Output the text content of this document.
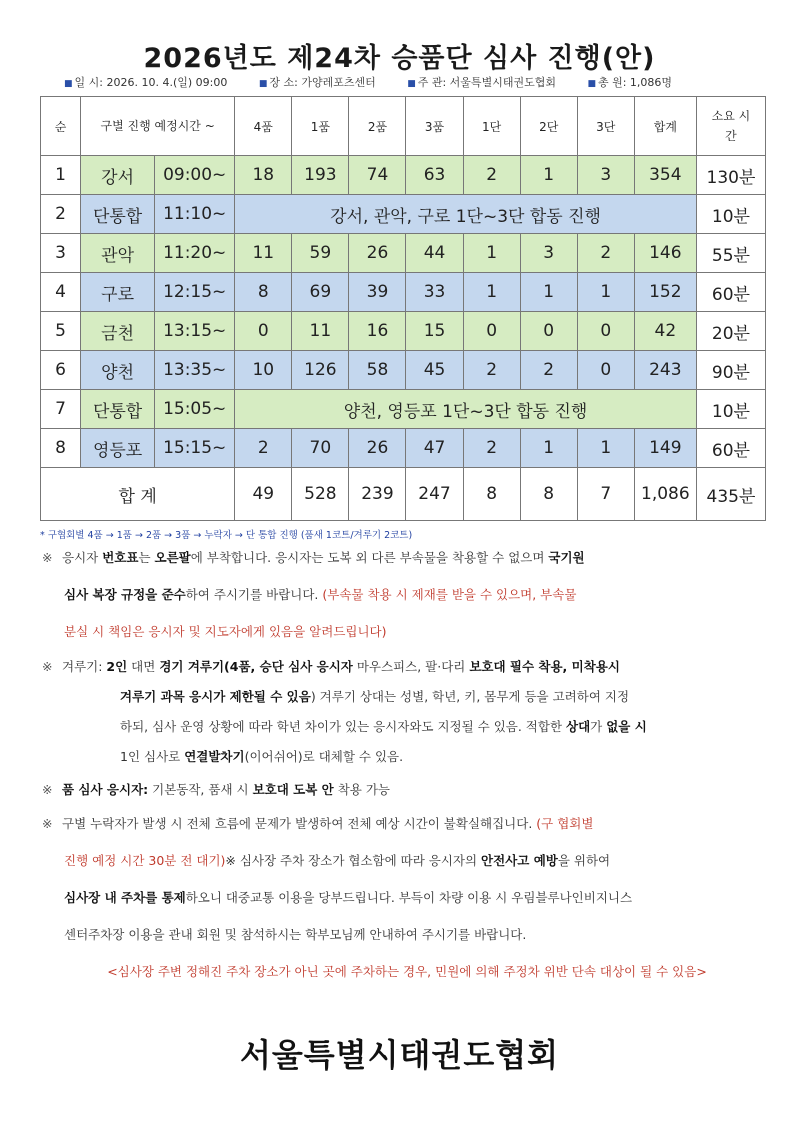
2026년도 제24차 승품단 심사 진행(안)
■ 일 시: 2026. 10. 4.(일) 09:00	■ 장 소: 가양레포츠센터	■ 주 관: 서울특별시태권도협회	■ 총 원: 1,086명
순	구별 진행 예정시간 ~		4품	1품	2품	3품	1단	2단	3단	합계	소요 시간
1	강서	09:00~	18	193	74	63	2	1	3	354	130분
2	단통합	11:10~	강서, 관악, 구로 1단~3단 합동 진행								10분
3	관악	11:20~	11	59	26	44	1	3	2	146	55분
4	구로	12:15~	8	69	39	33	1	1	1	152	60분
5	금천	13:15~	0	11	16	15	0	0	0	42	20분
6	양천	13:35~	10	126	58	45	2	2	0	243	90분
7	단통합	15:05~	양천, 영등포 1단~3단 합동 진행								10분
8	영등포	15:15~	2	70	26	47	2	1	1	149	60분
합 계			49	528	239	247	8	8	7	1,086	435분
* 구협회별 4품 → 1품 → 2품 → 3품 → 누락자 → 단 통합 진행 (품새 1코트/겨루기 2코트)
※ 응시자 번호표는 오른팔에 부착합니다. 응시자는 도복 외 다른 부속물을 착용할 수 없으며 국기원
심사 복장 규정을 준수하여 주시기를 바랍니다. (부속물 착용 시 제재를 받을 수 있으며, 부속물
분실 시 책임은 응시자 및 지도자에게 있음을 알려드립니다)
※ 겨루기: 2인 대면 경기 겨루기(4품, 승단 심사 응시자 마우스피스, 팔·다리 보호대 필수 착용, 미착용시
겨루기 과목 응시가 제한될 수 있음) 겨루기 상대는 성별, 학년, 키, 몸무게 등을 고려하여 지정
하되, 심사 운영 상황에 따라 학년 차이가 있는 응시자와도 지정될 수 있음. 적합한 상대가 없을 시
1인 심사로 연결발차기(이어쉬어)로 대체할 수 있음.
※ 품 심사 응시자: 기본동작, 품새 시 보호대 도복 안 착용 가능
※ 구별 누락자가 발생 시 전체 흐름에 문제가 발생하여 전체 예상 시간이 불확실해집니다. (구 협회별
진행 예정 시간 30분 전 대기)※ 심사장 주차 장소가 협소함에 따라 응시자의 안전사고 예방을 위하여
심사장 내 주차를 통제하오니 대중교통 이용을 당부드립니다. 부득이 차량 이용 시 우림블루나인비지니스
센터주차장 이용을 관내 회원 및 참석하시는 학부모님께 안내하여 주시기를 바랍니다.
<심사장 주변 정해진 주차 장소가 아닌 곳에 주차하는 경우, 민원에 의해 주정차 위반 단속 대상이 될 수 있음>
서울특별시태권도협회
